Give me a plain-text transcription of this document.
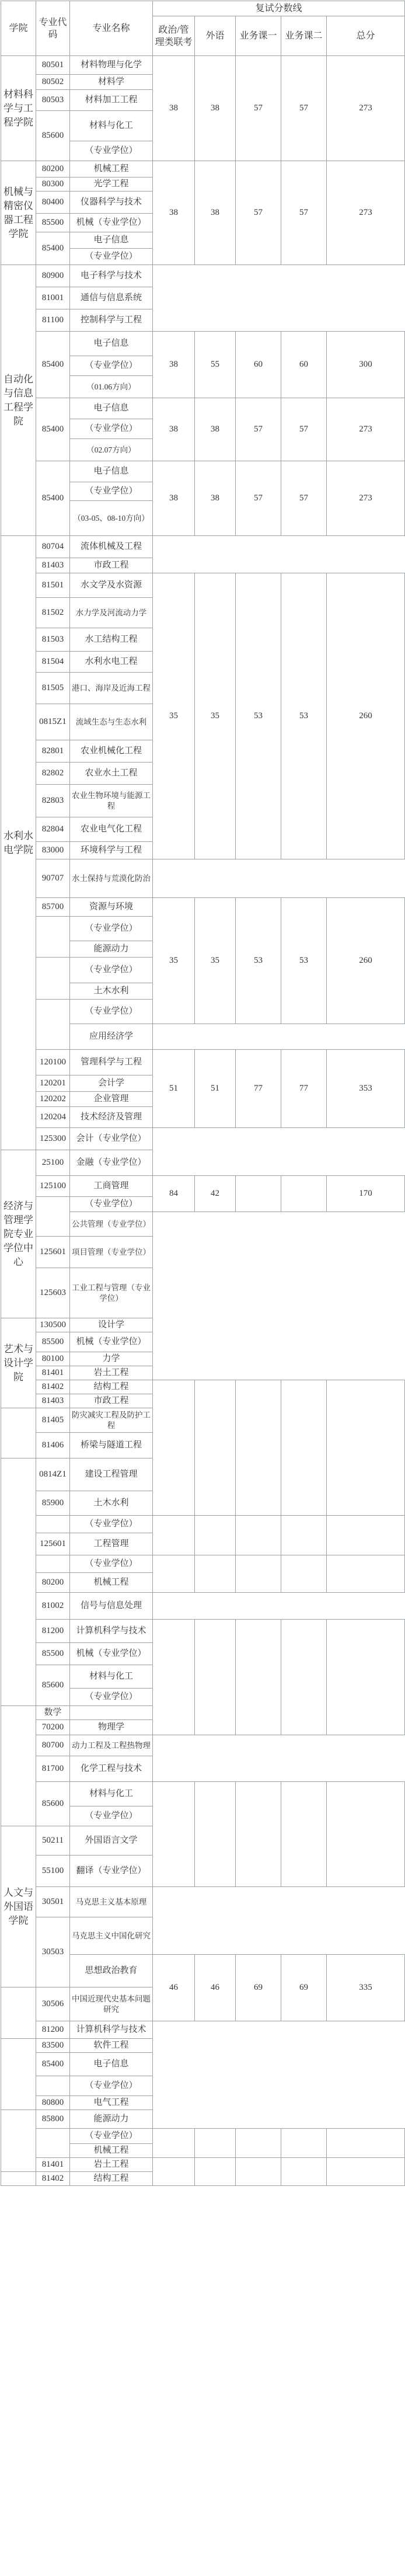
学院	专业代码	专业名称	复试分数线				
			政治/管理类联考	外语	业务课一	业务课二	总分
材料科学与工程学院	80501	材料物理与化学	38	38	57	57	273
	80502	材料学					
	80503	材料加工工程					
	85600	材料与化工					
		（专业学位）					
机械与精密仪器工程学院	80200	机械工程	38	38	57	57	273
	80300	光学工程					
	80400	仪器科学与技术					
	85500	机械（专业学位）					
	85400	电子信息					
		（专业学位）					
自动化与信息工程学院	80900	电子科学与技术					
	81001	通信与信息系统					
	81100	控制科学与工程					
	85400	电子信息	38	55	60	60	300
		（专业学位）					
		（01.06方向）					
	85400	电子信息	38	38	57	57	273
		（专业学位）					
		（02.07方向）					
	85400	电子信息	38	38	57	57	273
		（专业学位）					
		（03-05、08-10方向）					
水利水电学院	80704	流体机械及工程					
	81403	市政工程					
	81501	水文学及水资源	35	35	53	53	260
	81502	水力学及河流动力学					
	81503	水工结构工程					
	81504	水利水电工程					
	81505	港口、海岸及近海工程					
	0815Z1	流域生态与生态水利					
	82801	农业机械化工程					
	82802	农业水土工程					
	82803	农业生物环境与能源工程					
	82804	农业电气化工程					
	83000	环境科学与工程					
	90707	水土保持与荒漠化防治					
	85700	资源与环境	35	35	53	53	260
		（专业学位）					
		能源动力					
		（专业学位）					
		土木水利					
		（专业学位）					
		应用经济学					
	120100	管理科学与工程	51	51	77	77	353
	120201	会计学					
	120202	企业管理					
	120204	技术经济及管理					
	125300	会计（专业学位）					
经济与管理学院专业学位中心	25100	金融（专业学位）					
	125100	工商管理	84	42			170
		（专业学位）					
		公共管理（专业学位）					
	125601	项目管理（专业学位）					
	125603	工业工程与管理（专业学位）					
艺术与设计学院	130500	设计学					
	85500	机械（专业学位）					
	80100	力学					
	81401	岩土工程					
	81402	结构工程					
	81403	市政工程					
	81405	防灾减灾工程及防护工程					
	81406	桥梁与隧道工程					
	0814Z1	建设工程管理					
	85900	土木水利					
		（专业学位）					
	125601	工程管理					
		（专业学位）					
	80200	机械工程					
	81002	信号与信息处理					
	81200	计算机科学与技术					
	85500	机械（专业学位）					
	85600	材料与化工					
		（专业学位）					
	数学						
	70200	物理学					
	80700	动力工程及工程热物理					
	81700	化学工程与技术					
	85600	材料与化工					
		（专业学位）					
人文与外国语学院	50211	外国语言文学					
	55100	翻译（专业学位）					
	30501	马克思主义基本原理					
	30503	马克思主义中国化研究					
		思想政治教育	46	46	69	69	335
	30506	中国近现代史基本问题研究					
	81200	计算机科学与技术					
	83500	软件工程					
	85400	电子信息					
		（专业学位）					
	80800	电气工程					
	85800	能源动力					
		（专业学位）					
		机械工程					
	81401	岩土工程					
	81402	结构工程					
